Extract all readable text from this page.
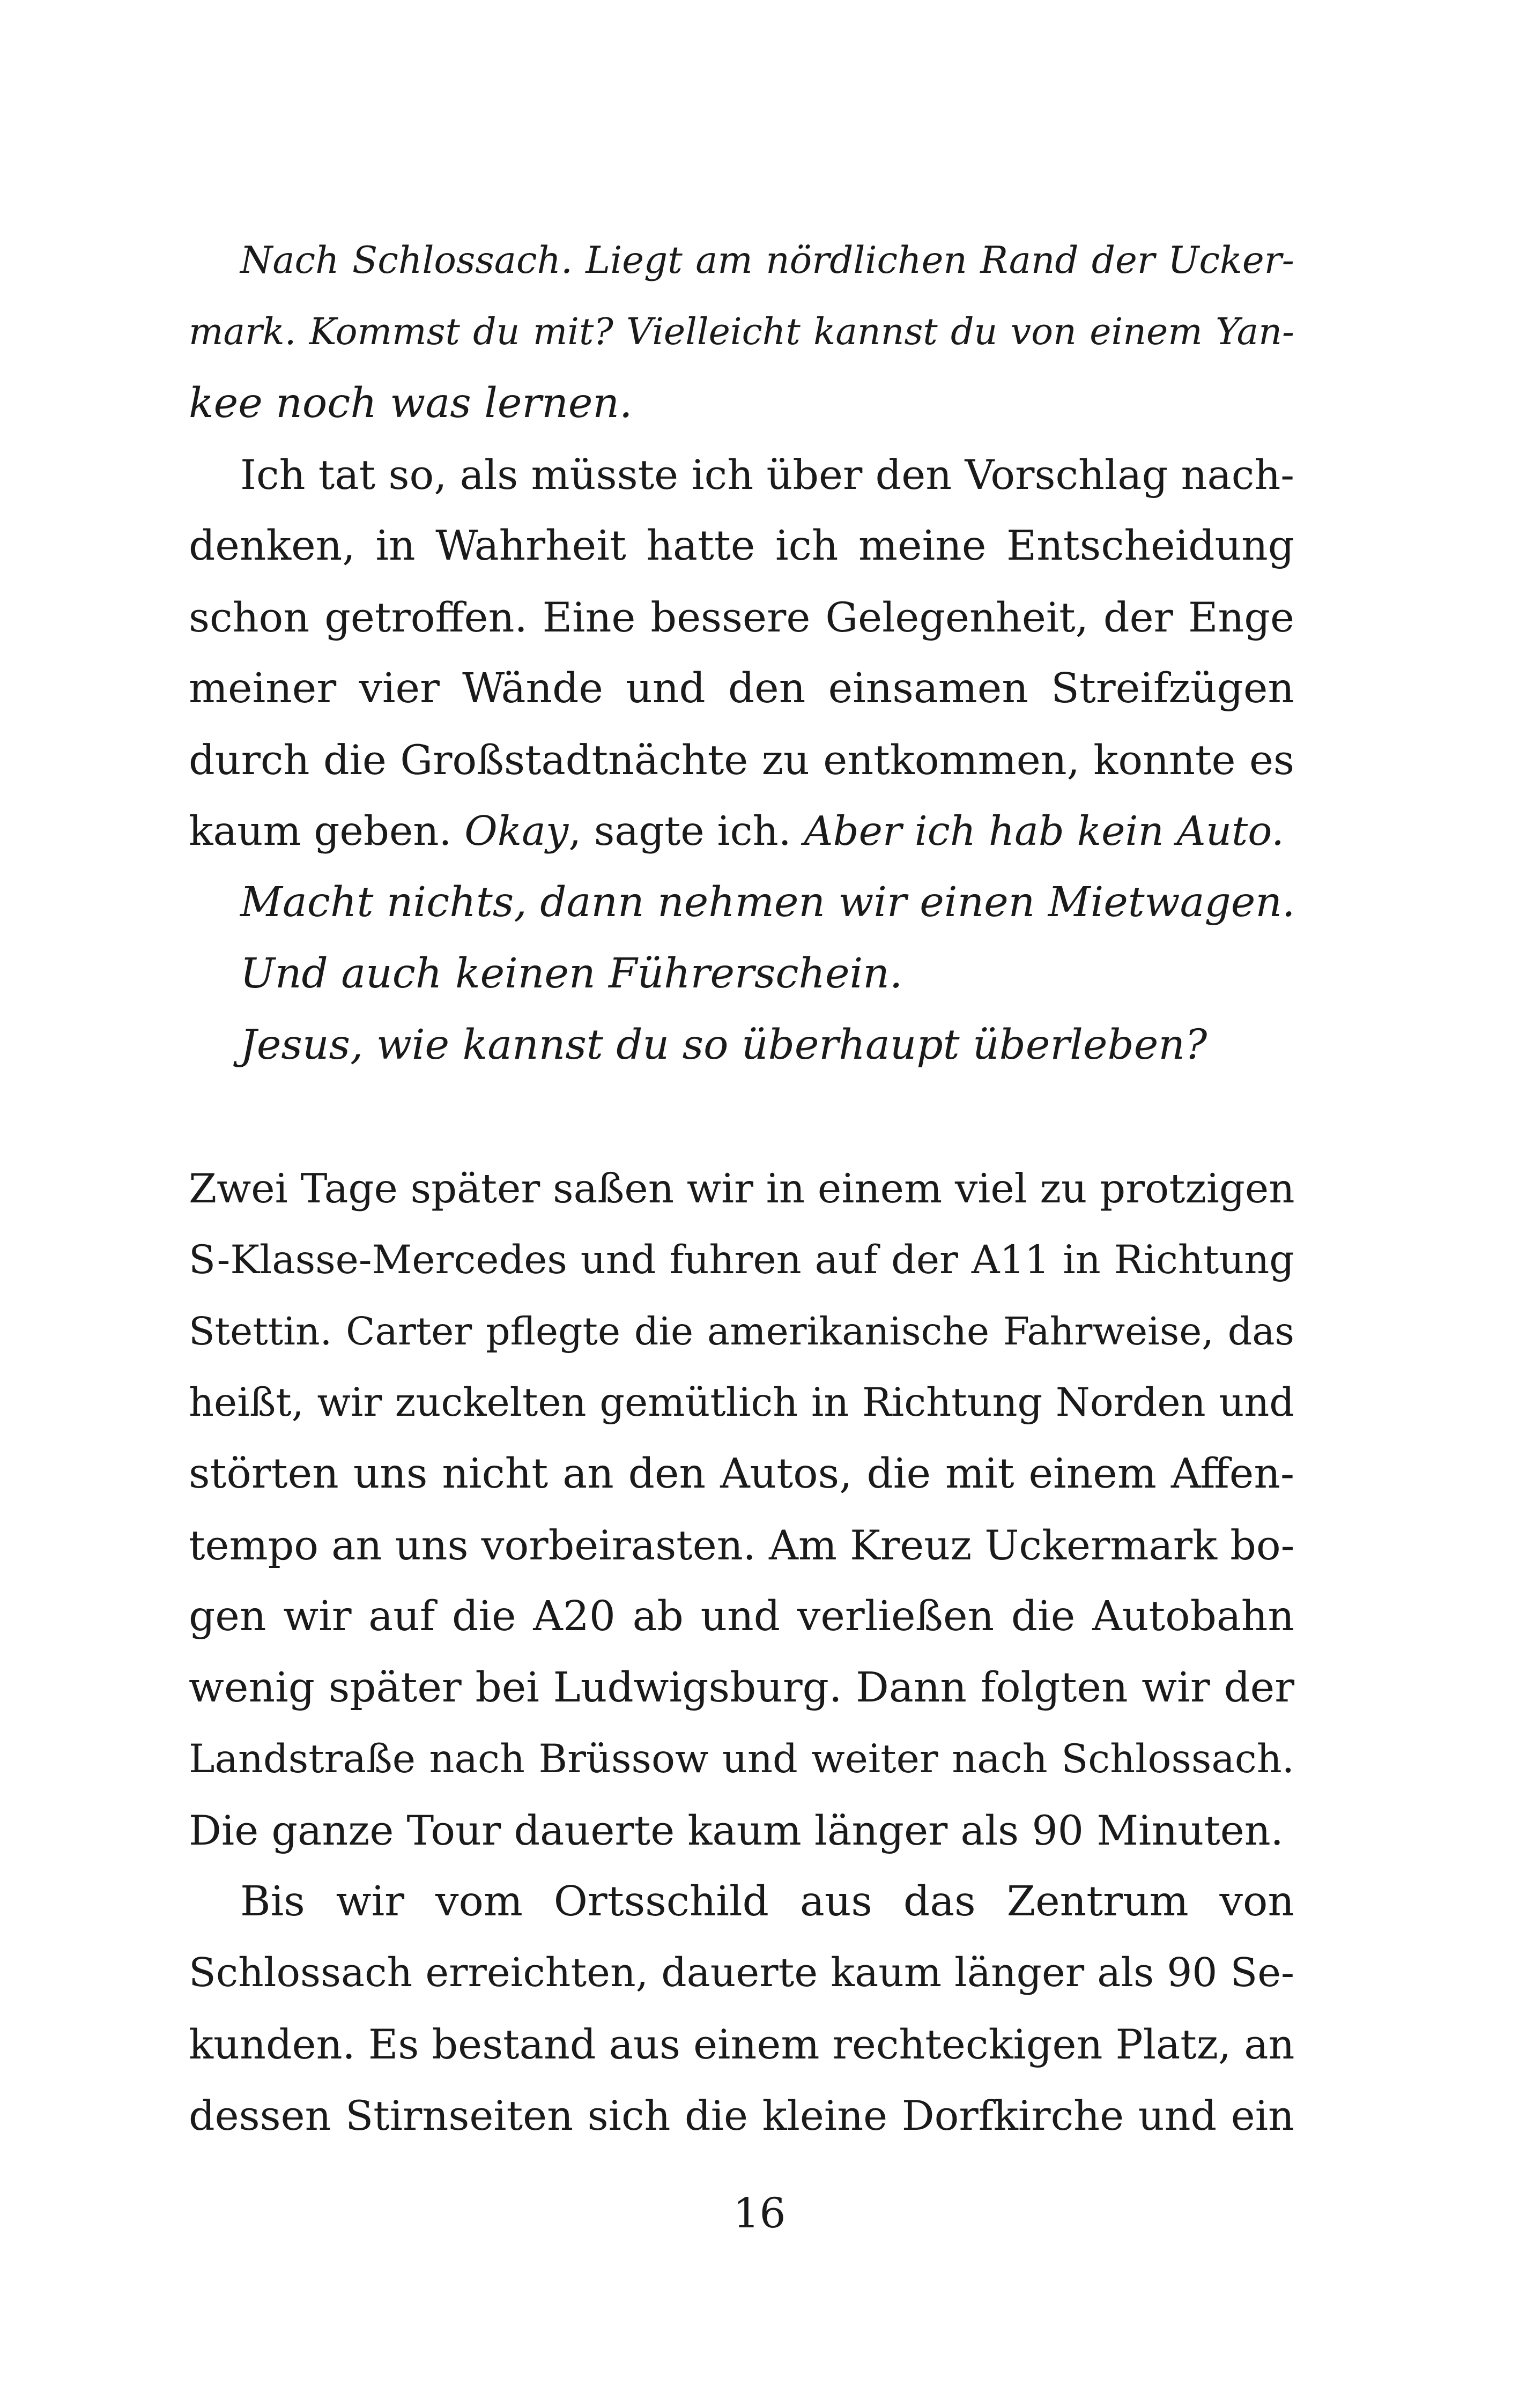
Nach Schlossach. Liegt am nördlichen Rand der Ucker-
mark. Kommst du mit? Vielleicht kannst du von einem Yan-
kee noch was lernen.
Ich tat so, als müsste ich über den Vorschlag nach-
denken, in Wahrheit hatte ich meine Entscheidung
schon getroffen. Eine bessere Gelegenheit, der Enge
meiner vier Wände und den einsamen Streifzügen
durch die Großstadtnächte zu entkommen, konnte es
kaum geben. Okay, sagte ich. Aber ich hab kein Auto.
Macht nichts, dann nehmen wir einen Mietwagen.
Und auch keinen Führerschein.
Jesus, wie kannst du so überhaupt überleben?
Zwei Tage später saßen wir in einem viel zu protzigen
S-Klasse-Mercedes und fuhren auf der A11 in Richtung
Stettin. Carter pflegte die amerikanische Fahrweise, das
heißt, wir zuckelten gemütlich in Richtung Norden und
störten uns nicht an den Autos, die mit einem Affen-
tempo an uns vorbeirasten. Am Kreuz Uckermark bo-
gen wir auf die A20 ab und verließen die Autobahn
wenig später bei Ludwigsburg. Dann folgten wir der
Landstraße nach Brüssow und weiter nach Schlossach.
Die ganze Tour dauerte kaum länger als 90 Minuten.
Bis wir vom Ortsschild aus das Zentrum von
Schlossach erreichten, dauerte kaum länger als 90 Se-
kunden. Es bestand aus einem rechteckigen Platz, an
dessen Stirnseiten sich die kleine Dorfkirche und ein
16
